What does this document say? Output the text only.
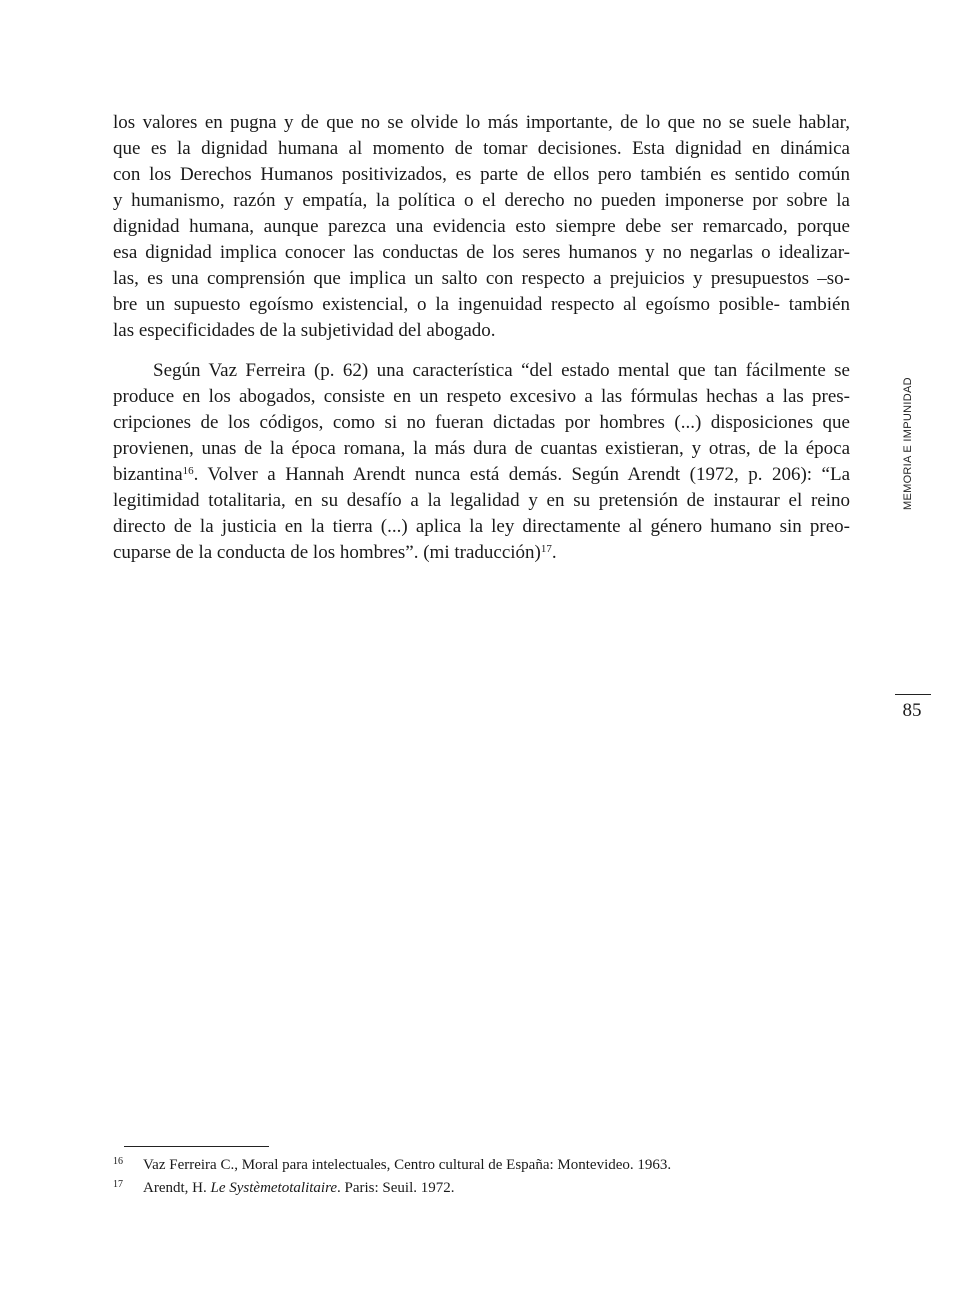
los valores en pugna y de que no se olvide lo más importante, de lo que no se suele hablar,
que es la dignidad humana al momento de tomar decisiones. Esta dignidad en dinámica
con los Derechos Humanos positivizados, es parte de ellos pero también es sentido común
y humanismo, razón y empatía, la política o el derecho no pueden imponerse por sobre la
dignidad humana, aunque parezca una evidencia esto siempre debe ser remarcado, porque
esa dignidad implica conocer las conductas de los seres humanos y no negarlas o idealizar-
las, es una comprensión que implica un salto con respecto a prejuicios y presupuestos –so-
bre un supuesto egoísmo existencial, o la ingenuidad respecto al egoísmo posible- también
las especificidades de la subjetividad del abogado.
Según Vaz Ferreira (p. 62) una característica “del estado mental que tan fácilmente se
produce en los abogados, consiste en un respeto excesivo a las fórmulas hechas a las pres-
cripciones de los códigos, como si no fueran dictadas por hombres (...) disposiciones que
provienen, unas de la época romana, la más dura de cuantas existieran, y otras, de la época
bizantina$^{16}$. Volver a Hannah Arendt nunca está demás. Según Arendt (1972, p. 206): “La
legitimidad totalitaria, en su desafío a la legalidad y en su pretensión de instaurar el reino
directo de la justicia en la tierra (...) aplica la ley directamente al género humano sin preo-
cuparse de la conducta de los hombres”. (mi traducción)$^{17}$.
MEMORIA E IMPUNIDAD
85
16 Vaz Ferreira C., Moral para intelectuales, Centro cultural de España: Montevideo. 1963.
17 Arendt, H. Le Systèmetotalitaire. Paris: Seuil. 1972.
